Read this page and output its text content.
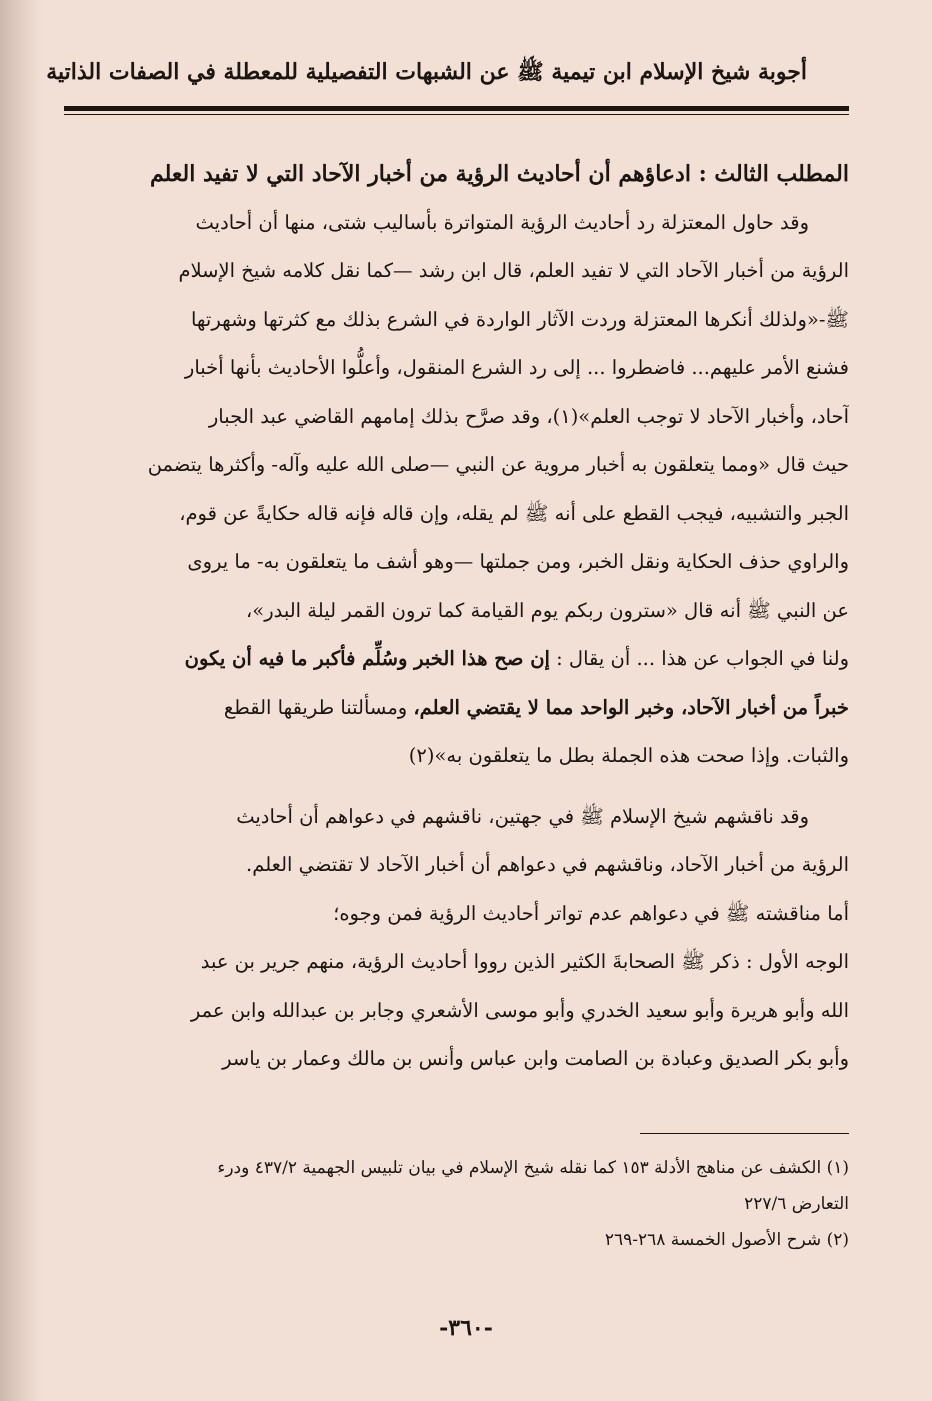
أجوبة شيخ الإسلام ابن تيمية ﷺ عن الشبهات التفصيلية للمعطلة في الصفات الذاتية
المطلب الثالث : ادعاؤهم أن أحاديث الرؤية من أخبار الآحاد التي لا تفيد العلم
وقد حاول المعتزلة رد أحاديث الرؤية المتواترة بأساليب شتى، منها أن أحاديث
الرؤية من أخبار الآحاد التي لا تفيد العلم، قال ابن رشد —كما نقل كلامه شيخ الإسلام
ﷺ-«ولذلك أنكرها المعتزلة وردت الآثار الواردة في الشرع بذلك مع كثرتها وشهرتها
فشنع الأمر عليهم... فاضطروا ... إلى رد الشرع المنقول، وأعلُّوا الأحاديث بأنها أخبار
آحاد، وأخبار الآحاد لا توجب العلم»(١)، وقد صرَّح بذلك إمامهم القاضي عبد الجبار
حيث قال «ومما يتعلقون به أخبار مروية عن النبي —صلى الله عليه وآله- وأكثرها يتضمن
الجبر والتشبيه، فيجب القطع على أنه ﷺ لم يقله، وإن قاله فإنه قاله حكايةً عن قوم،
والراوي حذف الحكاية ونقل الخبر، ومن جملتها —وهو أشف ما يتعلقون به- ما يروى
عن النبي ﷺ أنه قال «سترون ربكم يوم القيامة كما ترون القمر ليلة البدر»،
ولنا في الجواب عن هذا ... أن يقال : إن صح هذا الخبر وسُلِّم فأكبر ما فيه أن يكون
خبراً من أخبار الآحاد، وخبر الواحد مما لا يقتضي العلم، ومسألتنا طريقها القطع
والثبات. وإذا صحت هذه الجملة بطل ما يتعلقون به»(٢)
وقد ناقشهم شيخ الإسلام ﷺ في جهتين، ناقشهم في دعواهم أن أحاديث
الرؤية من أخبار الآحاد، وناقشهم في دعواهم أن أخبار الآحاد لا تقتضي العلم.
أما مناقشته ﷺ في دعواهم عدم تواتر أحاديث الرؤية فمن وجوه؛
الوجه الأول : ذكر ﷺ الصحابةَ الكثير الذين رووا أحاديث الرؤية، منهم جرير بن عبد
الله وأبو هريرة وأبو سعيد الخدري وأبو موسى الأشعري وجابر بن عبدالله وابن عمر
وأبو بكر الصديق وعبادة بن الصامت وابن عباس وأنس بن مالك وعمار بن ياسر
(١) الكشف عن مناهج الأدلة ١٥٣ كما نقله شيخ الإسلام في بيان تلبيس الجهمية ٤٣٧/٢ ودرء
التعارض ٢٢٧/٦
(٢) شرح الأصول الخمسة ٢٦٨-٢٦٩
-٣٦٠-
